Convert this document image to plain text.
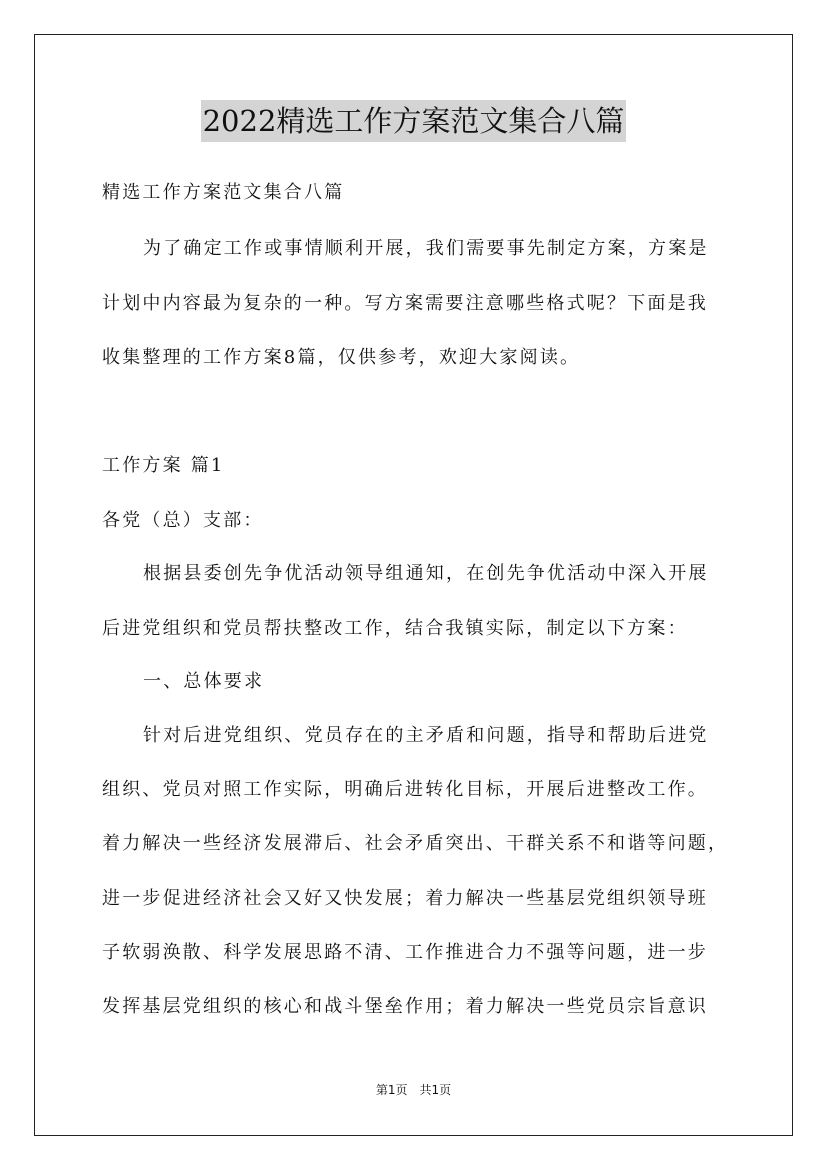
2022精选工作方案范文集合八篇
精选工作方案范文集合八篇
为了确定工作或事情顺利开展，我们需要事先制定方案，方案是
计划中内容最为复杂的一种。写方案需要注意哪些格式呢？下面是我
收集整理的工作方案8篇，仅供参考，欢迎大家阅读。
工作方案 篇1
各党（总）支部：
根据县委创先争优活动领导组通知，在创先争优活动中深入开展
后进党组织和党员帮扶整改工作，结合我镇实际，制定以下方案：
一、总体要求
针对后进党组织、党员存在的主矛盾和问题，指导和帮助后进党
组织、党员对照工作实际，明确后进转化目标，开展后进整改工作。
着力解决一些经济发展滞后、社会矛盾突出、干群关系不和谐等问题，
进一步促进经济社会又好又快发展；着力解决一些基层党组织领导班
子软弱涣散、科学发展思路不清、工作推进合力不强等问题，进一步
发挥基层党组织的核心和战斗堡垒作用；着力解决一些党员宗旨意识
第1页　共1页
